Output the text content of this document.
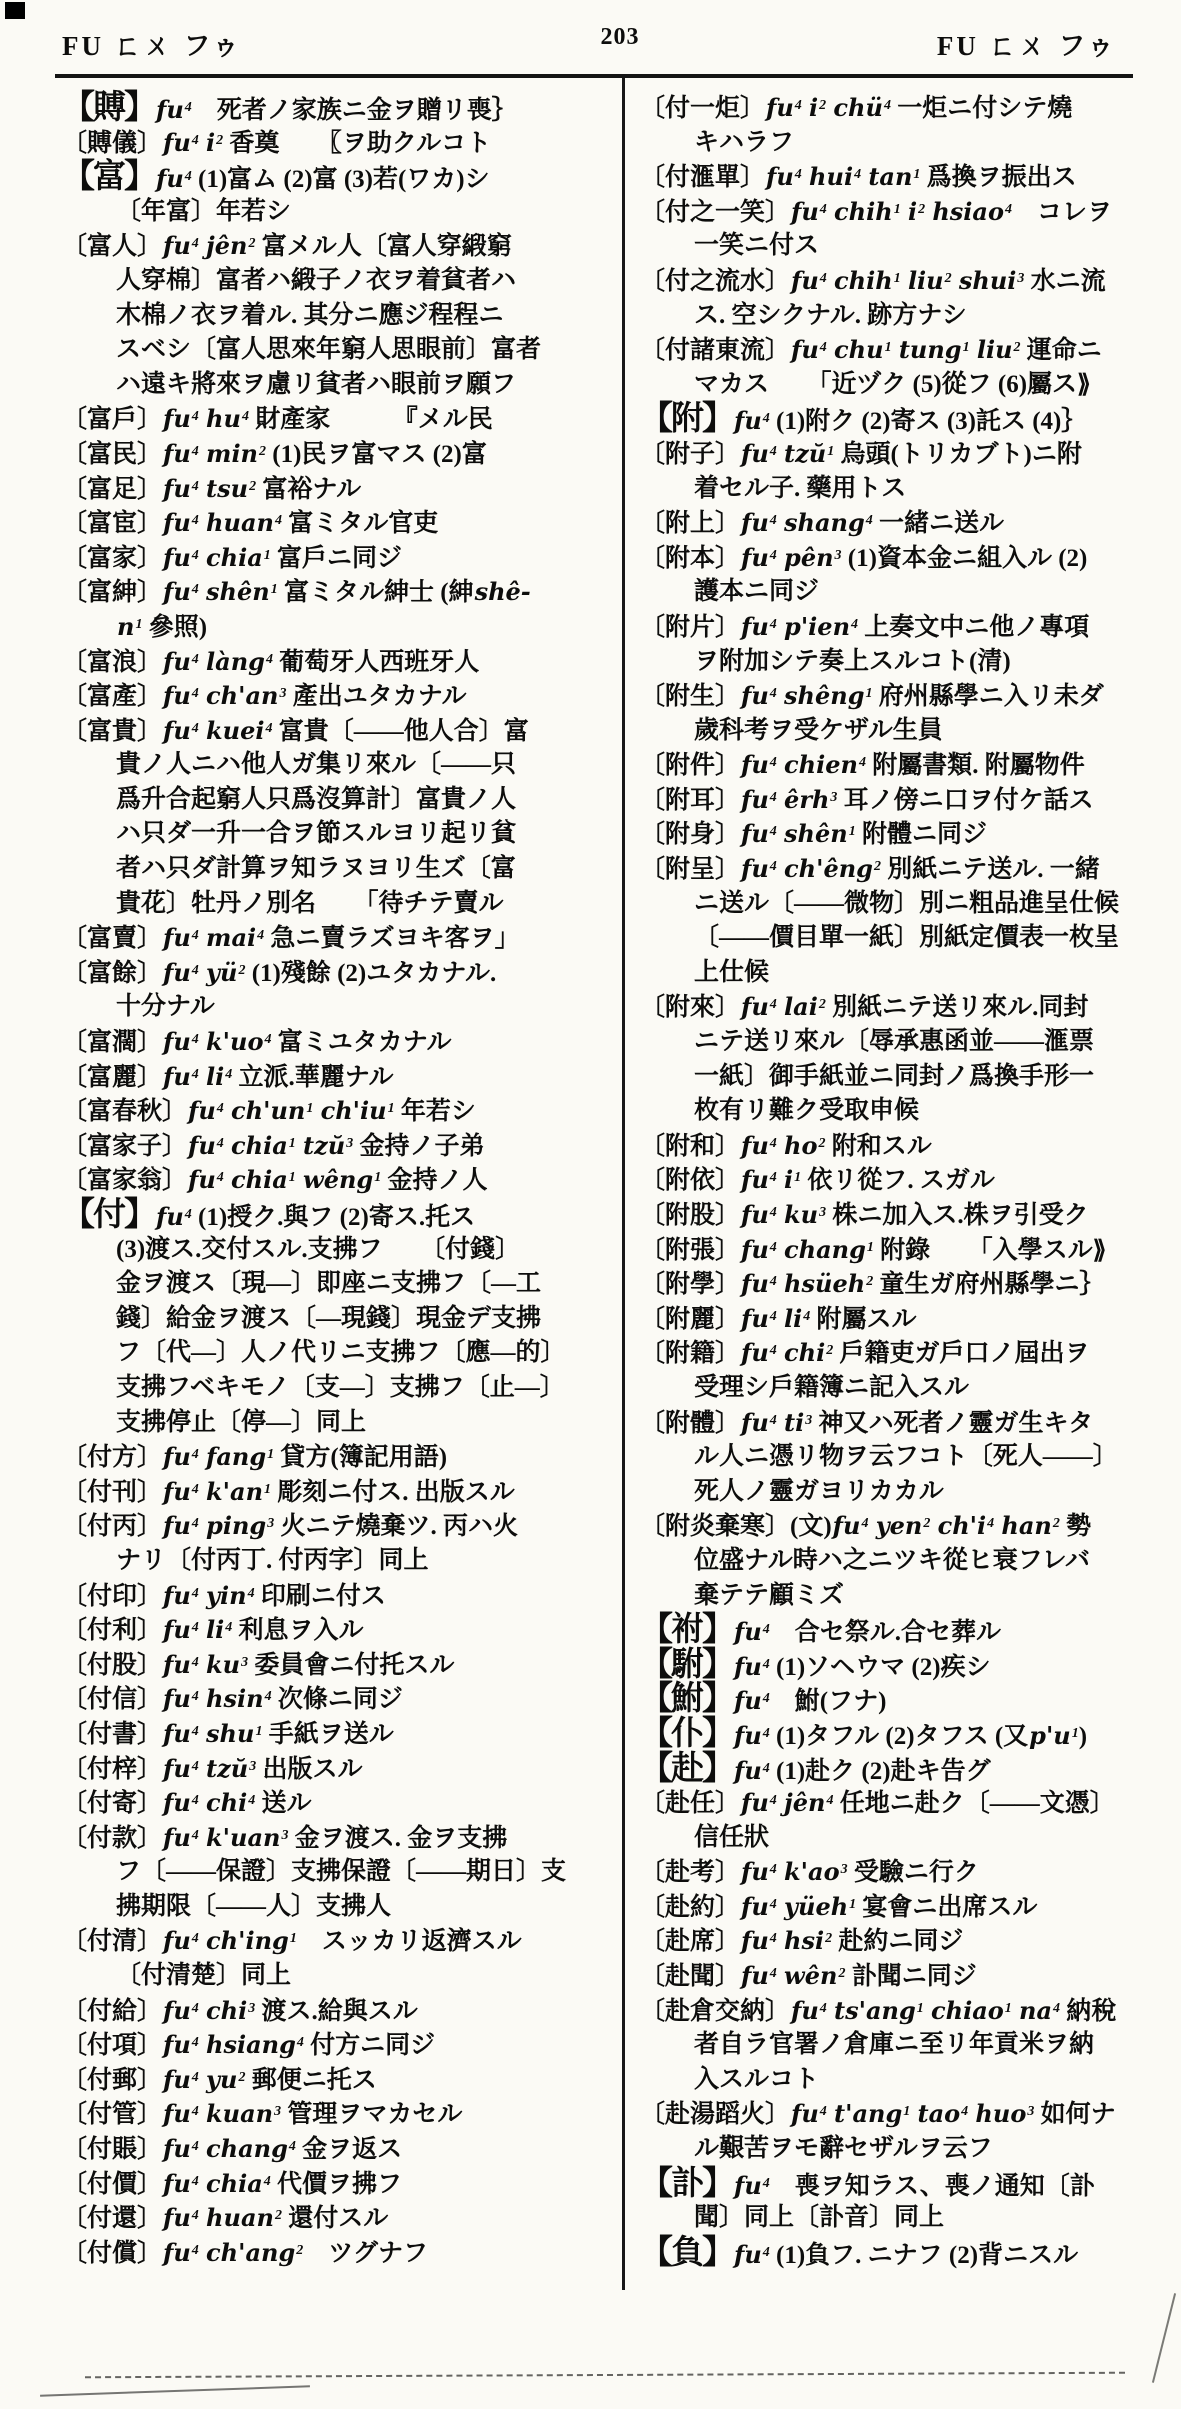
FU ㄈㄨ フゥ	203	FU ㄈㄨ フゥ
【賻】$fu^4$　死者ノ家族ニ金ヲ贈リ喪｝
〔賻儀〕$fu^4$ $i^2$ 香奠　　〖ヲ助クルコト
【富】$fu^4$ (1)富ム (2)富 (3)若(ワカ)シ
〔年富〕年若シ
〔富人〕$fu^4$ jên$^2$ 富メル人〔富人穿緞窮
人穿棉〕富者ハ緞子ノ衣ヲ着貧者ハ
木棉ノ衣ヲ着ル. 其分ニ應ジ程程ニ
スベシ〔富人思來年窮人思眼前〕富者
ハ遠キ將來ヲ慮リ貧者ハ眼前ヲ願フ
〔富戶〕$fu^4$ $hu^4$ 財產家　　　『メル民
〔富民〕$fu^4$ $\min^2 (1)$民ヲ富マス (2)富
〔富足〕$fu^4$ tsu$^2$ 富裕ナル
〔富宦〕$fu^4$ huan$^4$ 富ミタル官吏
〔富家〕$fu^4$ chia$^1$ 富戶ニ同ジ
〔富紳〕$fu^4$ shên$^1$ 富ミタル紳士 (紳shê-
$n^1$ 參照)
〔富浪〕$fu^4$ làng$^4$ 葡萄牙人西班牙人
〔富產〕$fu^4$ $ch'an^3$ 產出ユタカナル
〔富貴〕$fu^4$ kuei$^4$ 富貴〔——他人合〕富
貴ノ人ニハ他人ガ集リ來ル〔——只
爲升合起窮人只爲沒算計〕富貴ノ人
ハ只ダ一升一合ヲ節スルヨリ起リ貧
者ハ只ダ計算ヲ知ラヌヨリ生ズ〔富
貴花〕牡丹ノ別名　　「待チテ賣ル
〔富賣〕$fu^4$ mai$^4$ 急ニ賣ラズヨキ客ヲ」
〔富餘〕$fu^4$ $yü^2$ (1)殘餘 (2)ユタカナル.
十分ナル
〔富濶〕$fu^4$ $k'uo^4$ 富ミユタカナル
〔富麗〕$fu^4$ $li^4$ 立派.華麗ナル
〔富春秋〕$fu^4$ $ch'un^1$ $ch'iu^1$ 年若シ
〔富家子〕$fu^4$ chia$^1$ tzŭ$^3$ 金持ノ子弟
〔富家翁〕$fu^4$ chia$^1$ wêng$^1$ 金持ノ人
【付】$fu^4$ (1)授ク.與フ (2)寄ス.托ス
(3)渡ス.交付スル.支拂フ　　〔付錢〕
金ヲ渡ス〔現—〕即座ニ支拂フ〔—工
錢〕給金ヲ渡ス〔—現錢〕現金デ支拂
フ〔代—〕人ノ代リニ支拂フ〔應—的〕
支拂フベキモノ〔支—〕支拂フ〔止—〕
支拂停止〔停—〕同上
〔付方〕$fu^4$ fang$^1$ 貸方(簿記用語)
〔付刊〕$fu^4$ $k'an^1$ 彫刻ニ付ス. 出版スル
〔付丙〕$fu^4$ ping$^3$ 火ニテ燒棄ツ. 丙ハ火
ナリ〔付丙丁. 付丙字〕同上
〔付印〕$fu^4$ yin$^4$ 印刷ニ付ス
〔付利〕$fu^4$ $li^4$ 利息ヲ入ル
〔付股〕$fu^4$ $ku^3$ 委員會ニ付托スル
〔付信〕$fu^4$ hsin$^4$ 次條ニ同ジ
〔付書〕$fu^4$ shu$^1$ 手紙ヲ送ル
〔付梓〕$fu^4$ tzŭ$^3$ 出版スル
〔付寄〕$fu^4$ chi$^4$ 送ル
〔付款〕$fu^4$ k'uan$^3$ 金ヲ渡ス. 金ヲ支拂
フ〔——保證〕支拂保證〔——期日〕支
拂期限〔——人〕支拂人
〔付清〕$fu^4$ ch'ing$^1$　スッカリ返濟スル
〔付清楚〕同上
〔付給〕$fu^4$ chi$^3$ 渡ス.給與スル
〔付項〕$fu^4$ hsiang$^4$ 付方ニ同ジ
〔付郵〕$fu^4$ $yu^2$ 郵便ニ托ス
〔付管〕$fu^4$ kuan$^3$ 管理ヲマカセル
〔付賬〕$fu^4$ chang$^4$ 金ヲ返ス
〔付價〕$fu^4$ chia$^4$ 代價ヲ拂フ
〔付還〕$fu^4$ huan$^2$ 還付スル
〔付償〕$fu^4$ ch'ang$^2$　ツグナフ
〔付一炬〕$fu^4$ $i^2$ chü$^4$ 一炬ニ付シテ燒
キハラフ
〔付滙單〕$fu^4$ hui$^4$ $\tan^1$ 爲換ヲ振出ス
〔付之一笑〕$fu^4$ chih$^1$ $i^2$ hsiao$^4$　コレヲ
一笑ニ付ス
〔付之流水〕$fu^4$ chih$^1$ liu$^2$ shui$^3$ 水ニ流
ス. 空シクナル. 跡方ナシ
〔付諸東流〕$fu^4$ chu$^1$ tung$^1$ liu$^2$ 運命ニ
マカス　　「近ヅク (5)從フ (6)屬ス⟫
【附】$fu^4$ (1)附ク (2)寄ス (3)託ス (4)｝
〔附子〕$fu^4$ tzŭ$^1$ 烏頭(トリカブト)ニ附
着セル子. 藥用トス
〔附上〕$fu^4$ shang$^4$ 一緒ニ送ル
〔附本〕$fu^4$ pên$^3$ (1)資本金ニ組入ル (2)
護本ニ同ジ
〔附片〕$fu^4$ p'ien$^4$ 上奏文中ニ他ノ專項
ヲ附加シテ奏上スルコト(清)
〔附生〕$fu^4$ shêng$^1$ 府州縣學ニ入リ未ダ
歲科考ヲ受ケザル生員
〔附件〕$fu^4$ chien$^4$ 附屬書類. 附屬物件
〔附耳〕$fu^4$ êrh$^3$ 耳ノ傍ニ口ヲ付ケ話ス
〔附身〕$fu^4$ shên$^1$ 附體ニ同ジ
〔附呈〕$fu^4$ ch'êng$^2$ 別紙ニテ送ル. 一緒
ニ送ル〔——微物〕別ニ粗品進呈仕候
〔——價目單一紙〕別紙定價表一枚呈
上仕候
〔附來〕$fu^4$ lai$^2$ 別紙ニテ送リ來ル.同封
ニテ送リ來ル〔辱承惠函並——滙票
一紙〕御手紙並ニ同封ノ爲換手形一
枚有リ難ク受取申候
〔附和〕$fu^4$ $ho^2$ 附和スル
〔附依〕$fu^4$ $i^1$ 依リ從フ. スガル
〔附股〕$fu^4$ $ku^3$ 株ニ加入ス.株ヲ引受ク
〔附張〕$fu^4$ chang$^1$ 附錄　　「入學スル⟫
〔附學〕$fu^4$ hsüeh$^2$ 童生ガ府州縣學ニ｝
〔附麗〕$fu^4$ $li^4$ 附屬スル
〔附籍〕$fu^4$ chi$^2$ 戶籍吏ガ戶口ノ屆出ヲ
受理シ戶籍簿ニ記入スル
〔附體〕$fu^4$ $ti^3$ 神又ハ死者ノ靈ガ生キタ
ル人ニ憑リ物ヲ云フコト〔死人——〕
死人ノ靈ガヨリカカル
〔附炎棄寒〕(文)$fu^4$ yen$^2$ $ch'i^4$ han$^2$ 勢
位盛ナル時ハ之ニツキ從ヒ衰フレバ
棄テテ顧ミズ
【祔】$fu^4$　合セ祭ル.合セ葬ル
【駙】$fu^4$ (1)ソヘウマ (2)疾シ
【鮒】$fu^4$　鮒(フナ)
【仆】$fu^4$ (1)タフル (2)タフス (又$p'u^1$)
【赴】$fu^4$ (1)赴ク (2)赴キ告グ
〔赴任〕$fu^4$ jên$^4$ 任地ニ赴ク〔——文憑〕
信任狀
〔赴考〕$fu^4$ $k'ao^3$ 受驗ニ行ク
〔赴約〕$fu^4$ yüeh$^1$ 宴會ニ出席スル
〔赴席〕$fu^4$ hsi$^2$ 赴約ニ同ジ
〔赴聞〕$fu^4$ wên$^2$ 訃聞ニ同ジ
〔赴倉交納〕$fu^4$ ts'ang$^1$ chiao$^1$ $na^4$ 納稅
者自ラ官署ノ倉庫ニ至リ年貢米ヲ納
入スルコト
〔赴湯蹈火〕$fu^4$ t'ang$^1$ tao$^4$ huo$^3$ 如何ナ
ル艱苦ヲモ辭セザルヲ云フ
【訃】$fu^4$　喪ヲ知ラス、喪ノ通知〔訃
聞〕同上〔訃音〕同上
【負】$fu^4$ (1)負フ. ニナフ (2)背ニスル
